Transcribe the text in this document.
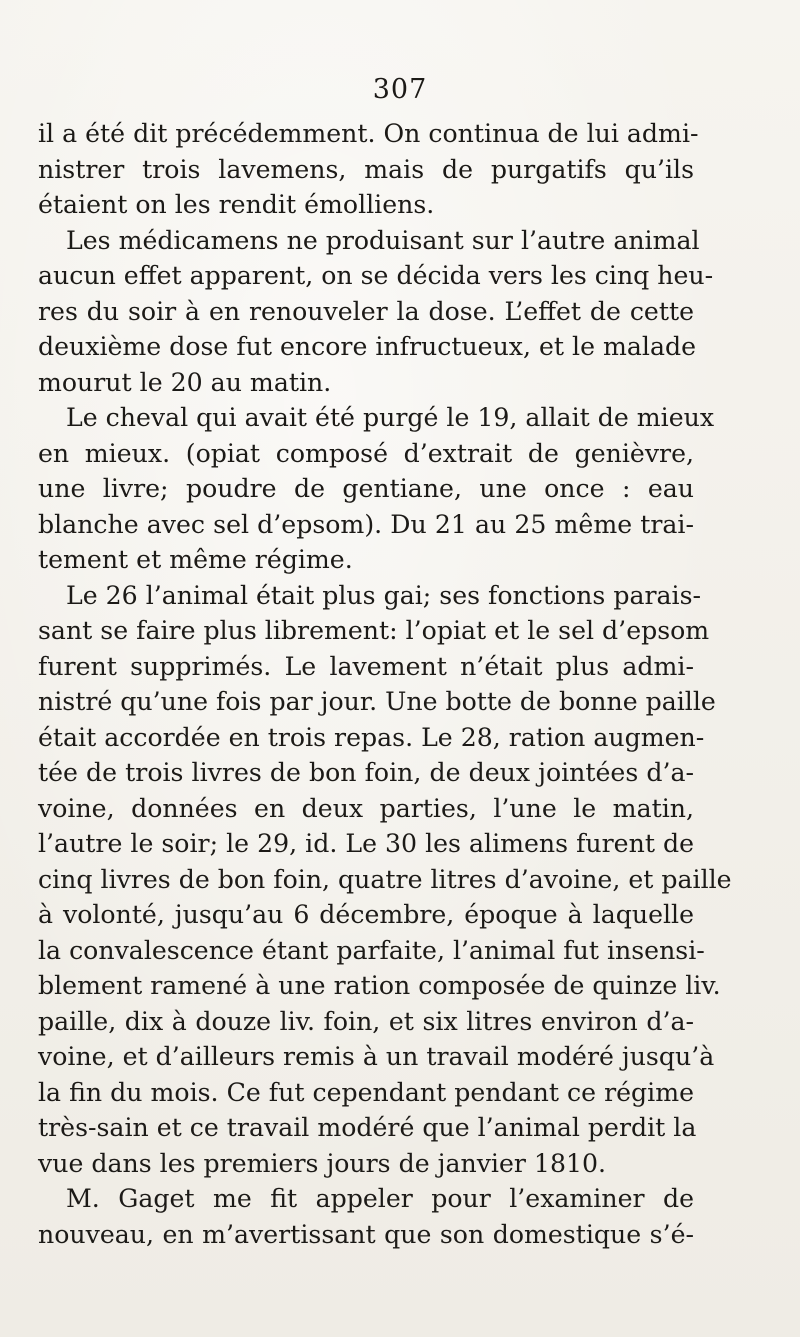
307
il a été dit précédemment. On continua de lui admi-
nistrer trois lavemens, mais de purgatifs qu’ils
étaient on les rendit émolliens.
Les médicamens ne produisant sur l’autre animal
aucun effet apparent, on se décida vers les cinq heu-
res du soir à en renouveler la dose. L’effet de cette
deuxième dose fut encore infructueux, et le malade
mourut le 20 au matin.
Le cheval qui avait été purgé le 19, allait de mieux
en mieux. (opiat composé d’extrait de genièvre,
une livre; poudre de gentiane, une once : eau
blanche avec sel d’epsom). Du 21 au 25 même trai-
tement et même régime.
Le 26 l’animal était plus gai; ses fonctions parais-
sant se faire plus librement: l’opiat et le sel d’epsom
furent supprimés. Le lavement n’était plus admi-
nistré qu’une fois par jour. Une botte de bonne paille
était accordée en trois repas. Le 28, ration augmen-
tée de trois livres de bon foin, de deux jointées d’a-
voine, données en deux parties, l’une le matin,
l’autre le soir; le 29, id. Le 30 les alimens furent de
cinq livres de bon foin, quatre litres d’avoine, et paille
à volonté, jusqu’au 6 décembre, époque à laquelle
la convalescence étant parfaite, l’animal fut insensi-
blement ramené à une ration composée de quinze liv.
paille, dix à douze liv. foin, et six litres environ d’a-
voine, et d’ailleurs remis à un travail modéré jusqu’à
la fin du mois. Ce fut cependant pendant ce régime
très-sain et ce travail modéré que l’animal perdit la
vue dans les premiers jours de janvier 1810.
M. Gaget me fit appeler pour l’examiner de
nouveau, en m’avertissant que son domestique s’é-
